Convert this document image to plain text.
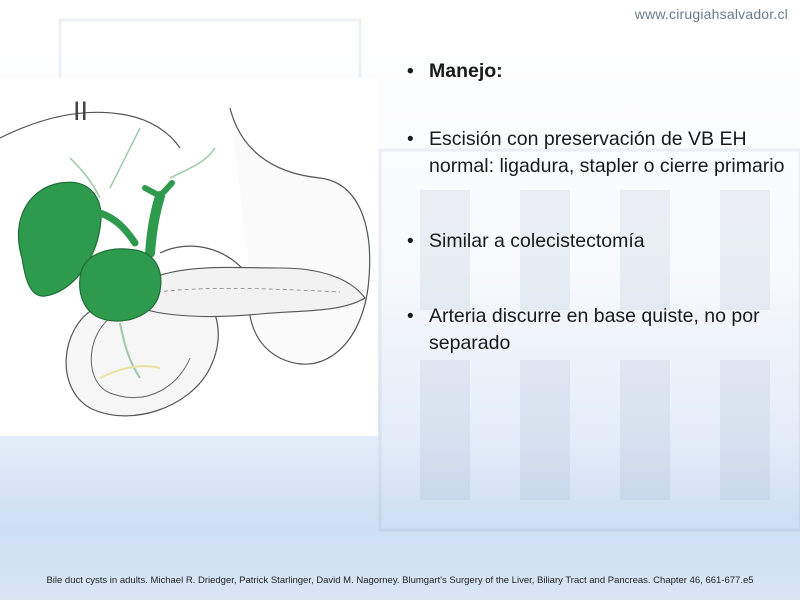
www.cirugiahsalvador.cl
II
• Manejo:
• Escisión con preservación de VB EH normal: ligadura, stapler o cierre primario
• Similar a colecistectomía
• Arteria discurre en base quiste, no por separado
Bile duct cysts in adults. Michael R. Driedger, Patrick Starlinger, David M. Nagorney. Blumgart's Surgery of the Liver, Biliary Tract and Pancreas. Chapter 46, 661-677.e5
